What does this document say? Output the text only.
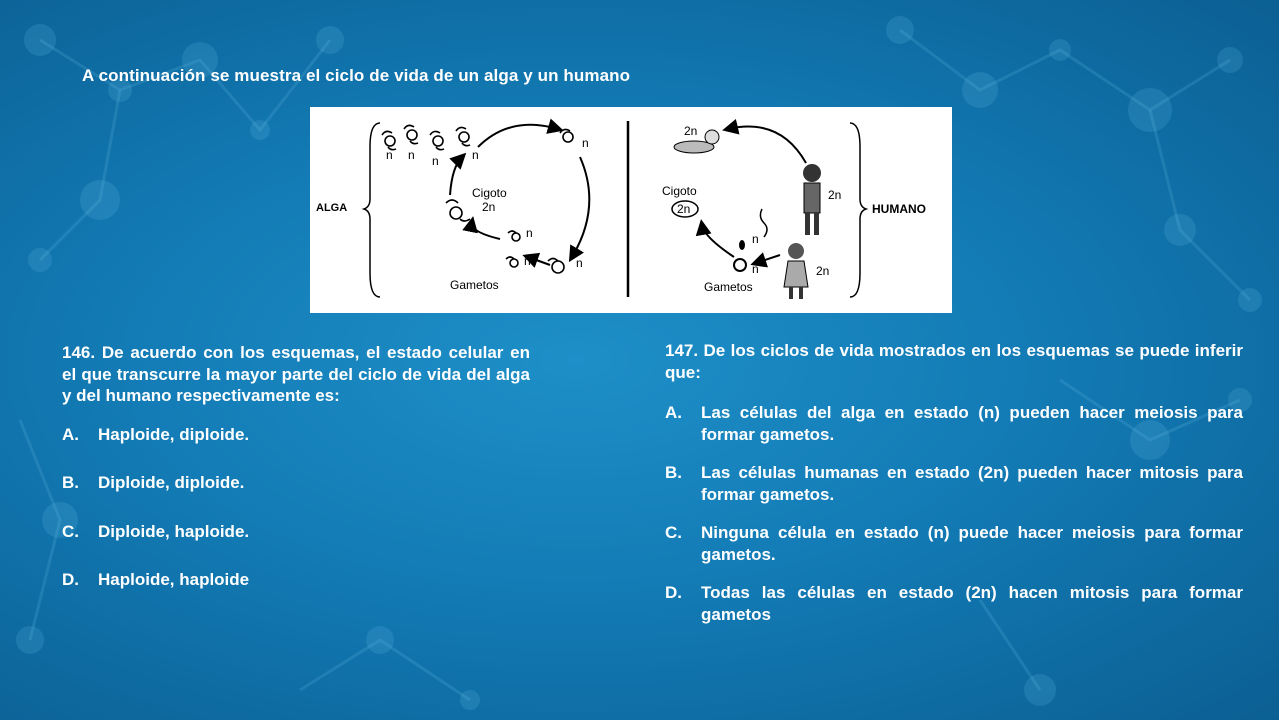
A continuación se muestra el ciclo de vida de un alga y un humano
ALGA
n n n	n
n
n
n	n
Cigoto
2n
Gametos
HUMANO
2n
2n
2n
n
n
Cigoto
2n
Gametos
146. De acuerdo con los esquemas, el estado celular en el que transcurre la mayor parte del ciclo de vida del alga y del humano respectivamente es:
A.	Haploide, diploide.
B.	Diploide, diploide.
C.	Diploide, haploide.
D.	Haploide, haploide
147. De los ciclos de vida mostrados en los esquemas se puede inferir que:
A.	Las células del alga en estado (n) pueden hacer meiosis para formar gametos.
B.	Las células humanas en estado (2n) pueden hacer mitosis para formar gametos.
C.	Ninguna célula en estado (n) puede hacer meiosis para formar gametos.
D.	Todas las células en estado (2n) hacen mitosis para formar gametos
